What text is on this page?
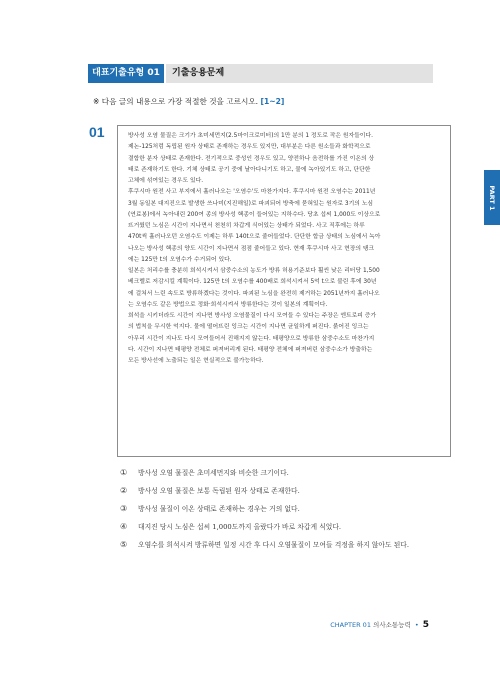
대표기출유형 01	기출응용문제
※ 다음 글의 내용으로 가장 적절한 것을 고르시오. [1~2]
01	방사성 오염 물질은 크기가 초미세먼지(2.5마이크로미터)의 1만 분의 1 정도로 작은 원자들이다.

제논-125처럼 독립된 원자 상태로 존재하는 경우도 있지만, 대부분은 다른 원소들과 화학적으로

결합한 분자 상태로 존재한다. 전기적으로 중성인 경우도 있고, 양전하나 음전하를 가진 이온의 상

태로 존재하기도 한다. 기체 상태로 공기 중에 날아다니기도 하고, 물에 녹아있기도 하고, 단단한

고체에 섞여있는 경우도 있다.

후쿠시마 원전 사고 부지에서 흘러나오는 '오염수'도 마찬가지다. 후쿠시마 원전 오염수는 2011년

3월 동일본 대지진으로 발생한 쓰나미(지진해일)로 파괴되어 방축에 묻혀있는 원자로 3기의 노심

(연료봉)에서 녹아내린 200여 종의 방사성 핵종이 들어있는 지하수다. 당초 섭씨 1,000도 이상으로

뜨거웠던 노심은 시간이 지나면서 천천히 차갑게 식어있는 상태가 되었다. 사고 직후에는 하루

470t씩 흘러나오던 오염수도 이제는 하루 140t으로 줄어들었다. 단단한 합금 상태의 노심에서 녹아

나오는 방사성 핵종의 양도 시간이 지나면서 점점 줄어들고 있다. 현재 후쿠시마 사고 현장의 탱크

에는 125만 t의 오염수가 수거되어 있다.

일본은 처리수를 충분히 희석시켜서 삼중수소의 농도가 방류 허용기준보다 훨씬 낮은 리터당 1,500

베크렐로 저감시킬 계획이다. 125만 t의 오염수를 400배로 희석시켜서 5억 t으로 불린 후에 30년

에 걸쳐서 느린 속도로 방류하겠다는 것이다. 파괴된 노심을 완전히 제거하는 2051년까지 흘러나오

는 오염수도 같은 방법으로 정화·희석시켜서 방류한다는 것이 일본의 계획이다.

희석을 시키더라도 시간이 지나면 방사성 오염물질이 다시 모여들 수 있다는 주장은 엔트로피 증가

의 법칙을 무시한 억지다. 물에 떨어뜨린 잉크는 시간이 지나면 균일하게 퍼진다. 붉어진 잉크는

아무리 시간이 지나도 다시 모여들어서 진해지지 않는다. 태평양으로 방류한 삼중수소도 마찬가지

다. 시간이 지나면 태평양 전체로 퍼져버리게 된다. 태평양 전체에 퍼져버린 삼중수소가 방출하는

모든 방사선에 노출되는 일은 현실적으로 불가능하다.

①	방사성 오염 물질은 초미세먼지와 비슷한 크기이다.
②	방사성 오염 물질은 보통 독립된 원자 상태로 존재한다.
③	방사성 물질이 이온 상태로 존재하는 경우는 거의 없다.
④	대지진 당시 노심은 섭씨 1,000도까지 올랐다가 바로 차갑게 식었다.
⑤	오염수를 희석시켜 방류하면 일정 시간 후 다시 오염물질이 모여들 걱정을 하지 않아도 된다.
PART 1
CHAPTER 01 의사소통능력 • 5
